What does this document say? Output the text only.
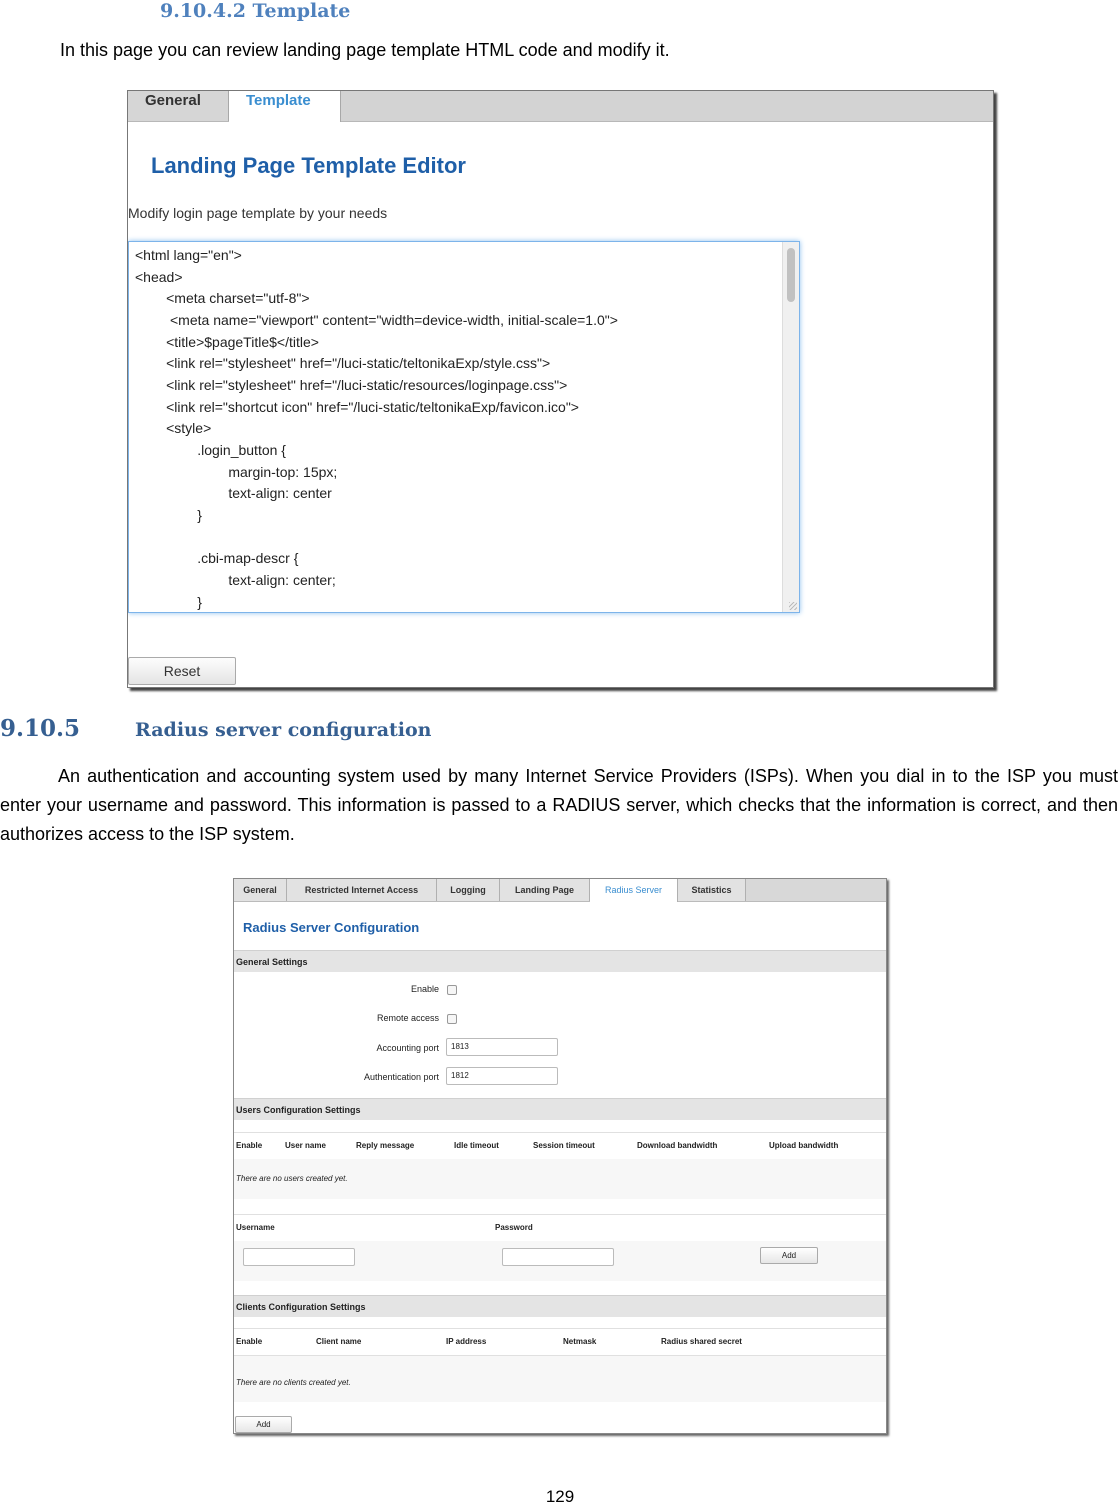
9.10.4.2 Template
In this page you can review landing page template HTML code and modify it.
General	Template
Landing Page Template Editor
Modify login page template by your needs
<html lang="en">
<head>
<meta charset="utf-8">
<meta name="viewport" content="width=device-width, initial-scale=1.0">
<title>$pageTitle$</title>
<link rel="stylesheet" href="/luci-static/teltonikaExp/style.css">
<link rel="stylesheet" href="/luci-static/resources/loginpage.css">
<link rel="shortcut icon" href="/luci-static/teltonikaExp/favicon.ico">
<style>
.login_button {
margin-top: 15px;
text-align: center
}
.cbi-map-descr {
text-align: center;
}
Reset
9.10.5	Radius server configuration
An authentication and accounting system used by many Internet Service Providers (ISPs). When you dial in to the ISP you must enter your username and password. This information is passed to a RADIUS server, which checks that the information is correct, and then authorizes access to the ISP system.
General	Restricted Internet Access	Logging	Landing Page	Radius Server	Statistics
Radius Server Configuration
General Settings
Enable
Remote access
Accounting port	1813
Authentication port	1812
Users Configuration Settings
Enable	User name	Reply message	Idle timeout	Session timeout	Download bandwidth	Upload bandwidth
There are no users created yet.
Username	Password
Add
Clients Configuration Settings
Enable	Client name	IP address	Netmask	Radius shared secret
There are no clients created yet.
Add
129
